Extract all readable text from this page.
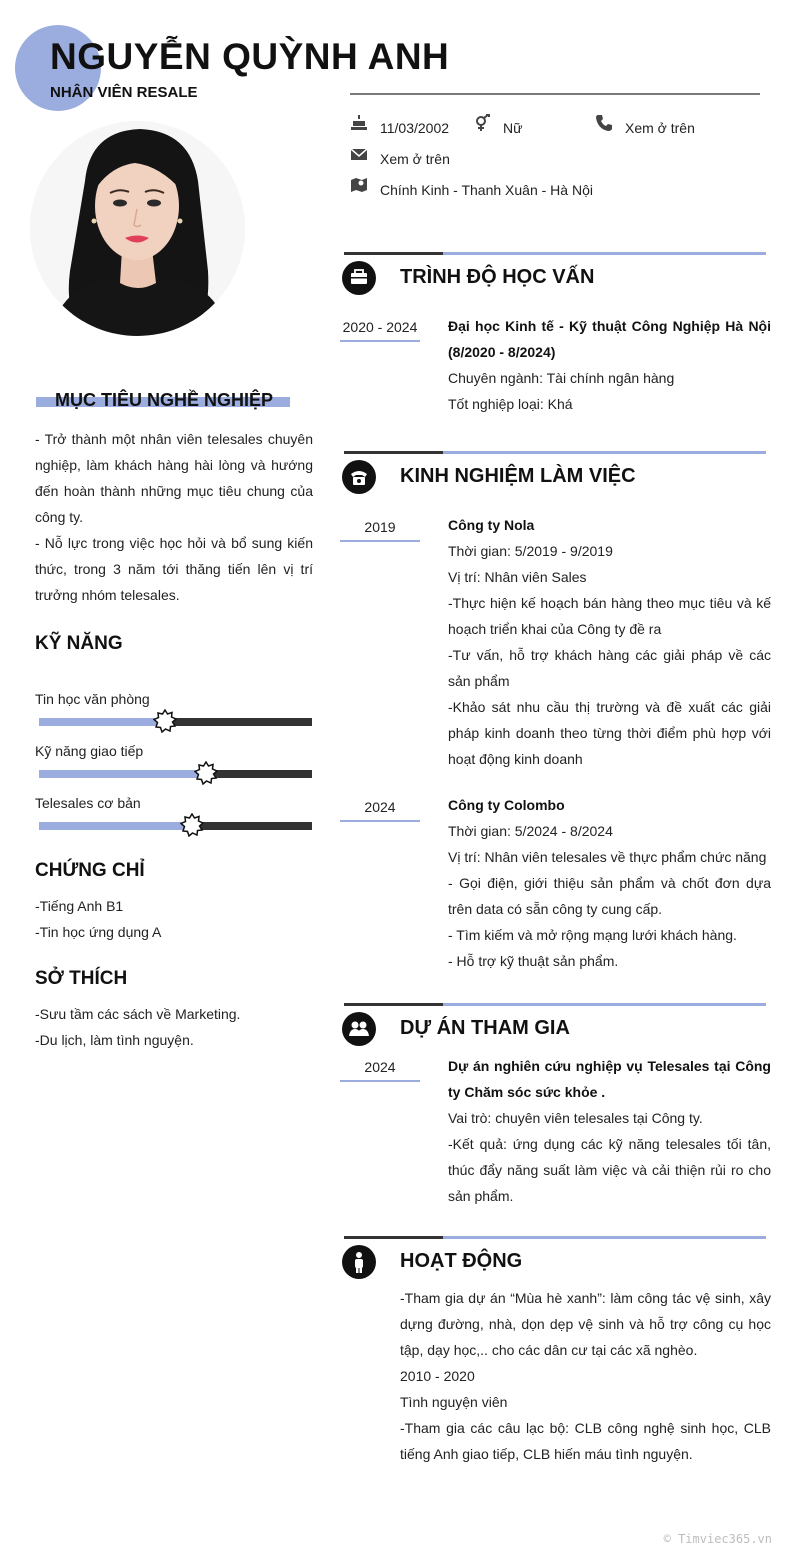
NGUYỄN QUỲNH ANH
NHÂN VIÊN RESALE
11/03/2002	Nữ	Xem ở trên
Xem ở trên
Chính Kinh - Thanh Xuân - Hà Nội
MỤC TIÊU NGHỀ NGHIỆP
- Trở thành một nhân viên telesales chuyên nghiệp, làm khách hàng hài lòng và hướng đến hoàn thành những mục tiêu chung của công ty.
- Nỗ lực trong việc học hỏi và bổ sung kiến thức, trong 3 năm tới thăng tiến lên vị trí trưởng nhóm telesales.
KỸ NĂNG
Tin học văn phòng
Kỹ năng giao tiếp
Telesales cơ bản
CHỨNG CHỈ
-Tiếng Anh B1
-Tin học ứng dụng A
SỞ THÍCH
-Sưu tầm các sách về Marketing.
-Du lịch, làm tình nguyện.
TRÌNH ĐỘ HỌC VẤN
2020 - 2024 Đại học Kinh tế - Kỹ thuật Công Nghiệp Hà Nội (8/2020 - 8/2024)
Chuyên ngành: Tài chính ngân hàng
Tốt nghiệp loại: Khá
KINH NGHIỆM LÀM VIỆC
2019	Công ty Nola
Thời gian: 5/2019 - 9/2019
Vị trí: Nhân viên Sales
-Thực hiện kế hoạch bán hàng theo mục tiêu và kế hoạch triển khai của Công ty đề ra
-Tư vấn, hỗ trợ khách hàng các giải pháp về các sản phẩm
-Khảo sát nhu cầu thị trường và đề xuất các giải pháp kinh doanh theo từng thời điểm phù hợp với hoạt động kinh doanh
2024	Công ty Colombo
Thời gian: 5/2024 - 8/2024
Vị trí: Nhân viên telesales về thực phẩm chức năng
- Gọi điện, giới thiệu sản phẩm và chốt đơn dựa trên data có sẵn công ty cung cấp.
- Tìm kiếm và mở rộng mạng lưới khách hàng.
- Hỗ trợ kỹ thuật sản phẩm.
DỰ ÁN THAM GIA
2024	Dự án nghiên cứu nghiệp vụ Telesales tại Công ty Chăm sóc sức khỏe .
Vai trò: chuyên viên telesales tại Công ty.
-Kết quả: ứng dụng các kỹ năng telesales tối tân, thúc đẩy năng suất làm việc và cải thiện rủi ro cho sản phẩm.
HOẠT ĐỘNG
-Tham gia dự án “Mùa hè xanh”: làm công tác vệ sinh, xây dựng đường, nhà, dọn dẹp vệ sinh và hỗ trợ công cụ học tập, dạy học,.. cho các dân cư tại các xã nghèo.
2010 - 2020
Tình nguyện viên
-Tham gia các câu lạc bộ: CLB công nghệ sinh học, CLB tiếng Anh giao tiếp, CLB hiến máu tình nguyện.
© Timviec365.vn
